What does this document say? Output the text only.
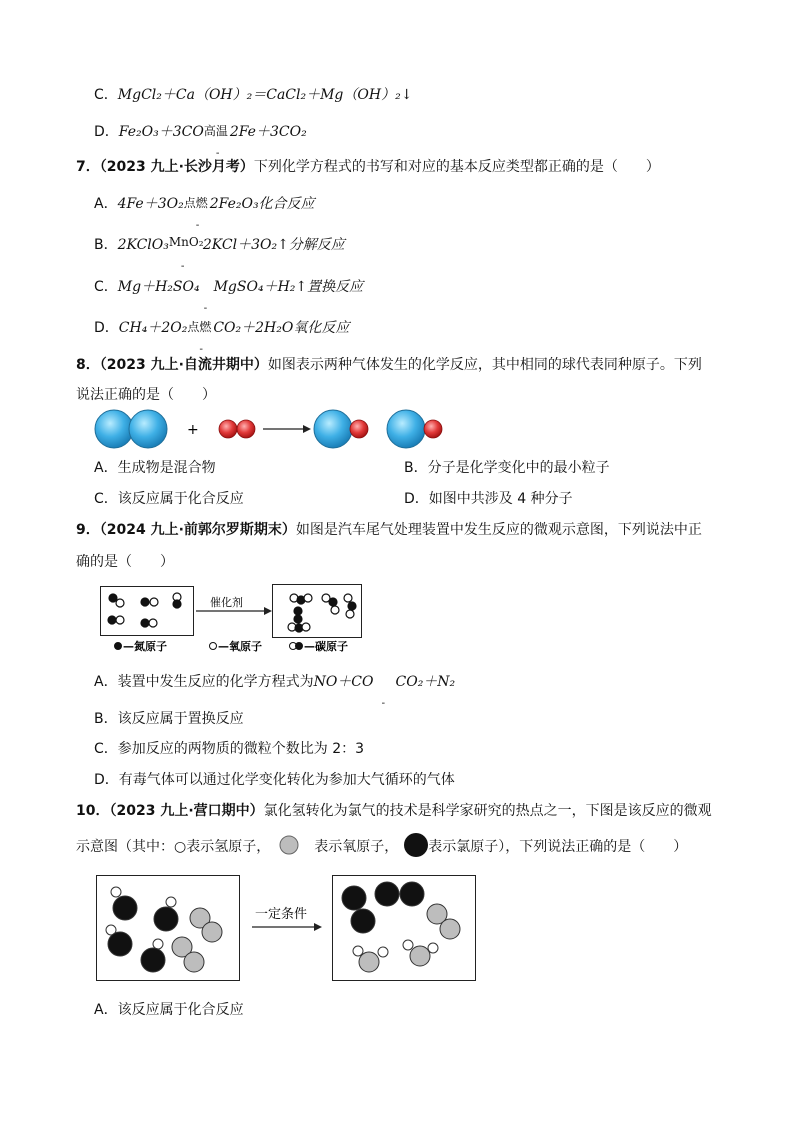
C．MgCl₂＋Ca（OH）₂＝CaCl₂＋Mg（OH）₂↓
D．Fe₂O₃＋3CO 高温
-
2Fe＋3CO₂
7．（2023 九上·长沙月考）下列化学方程式的书写和对应的基本反应类型都正确的是（　　）
A．4Fe＋3O₂ 点燃
-
2Fe₂O₃化合反应
B．2KClO₃ MnO₂
-
2KCl＋3O₂↑分解反应
C．Mg＋H₂SO₄
-
MgSO₄＋H₂↑置换反应
D．CH₄＋2O₂ 点燃
-
CO₂＋2H₂O氧化反应
8．（2023 九上·自流井期中）如图表示两种气体发生的化学反应，其中相同的球代表同种原子。下列
说法正确的是（　　）
+
A．生成物是混合物	B．分子是化学变化中的最小粒子
C．该反应属于化合反应	D．如图中共涉及 4 种分子
9．（2024 九上·前郭尔罗斯期末）如图是汽车尾气处理装置中发生反应的微观示意图，下列说法中正
确的是（　　）
催化剂
—氮原子	—氧原子	—碳原子
A．装置中发生反应的化学方程式为NO＋CO
-
CO₂＋N₂
B．该反应属于置换反应
C．参加反应的两物质的微粒个数比为 2：3
D．有毒气体可以通过化学变化转化为参加大气循环的气体
10．（2023 九上·营口期中）氯化氢转化为氯气的技术是科学家研究的热点之一，下图是该反应的微观
示意图（其中：○表示氢原子，	表示氧原子， 表示氯原子），下列说法正确的是（　　）
一定条件
A．该反应属于化合反应
